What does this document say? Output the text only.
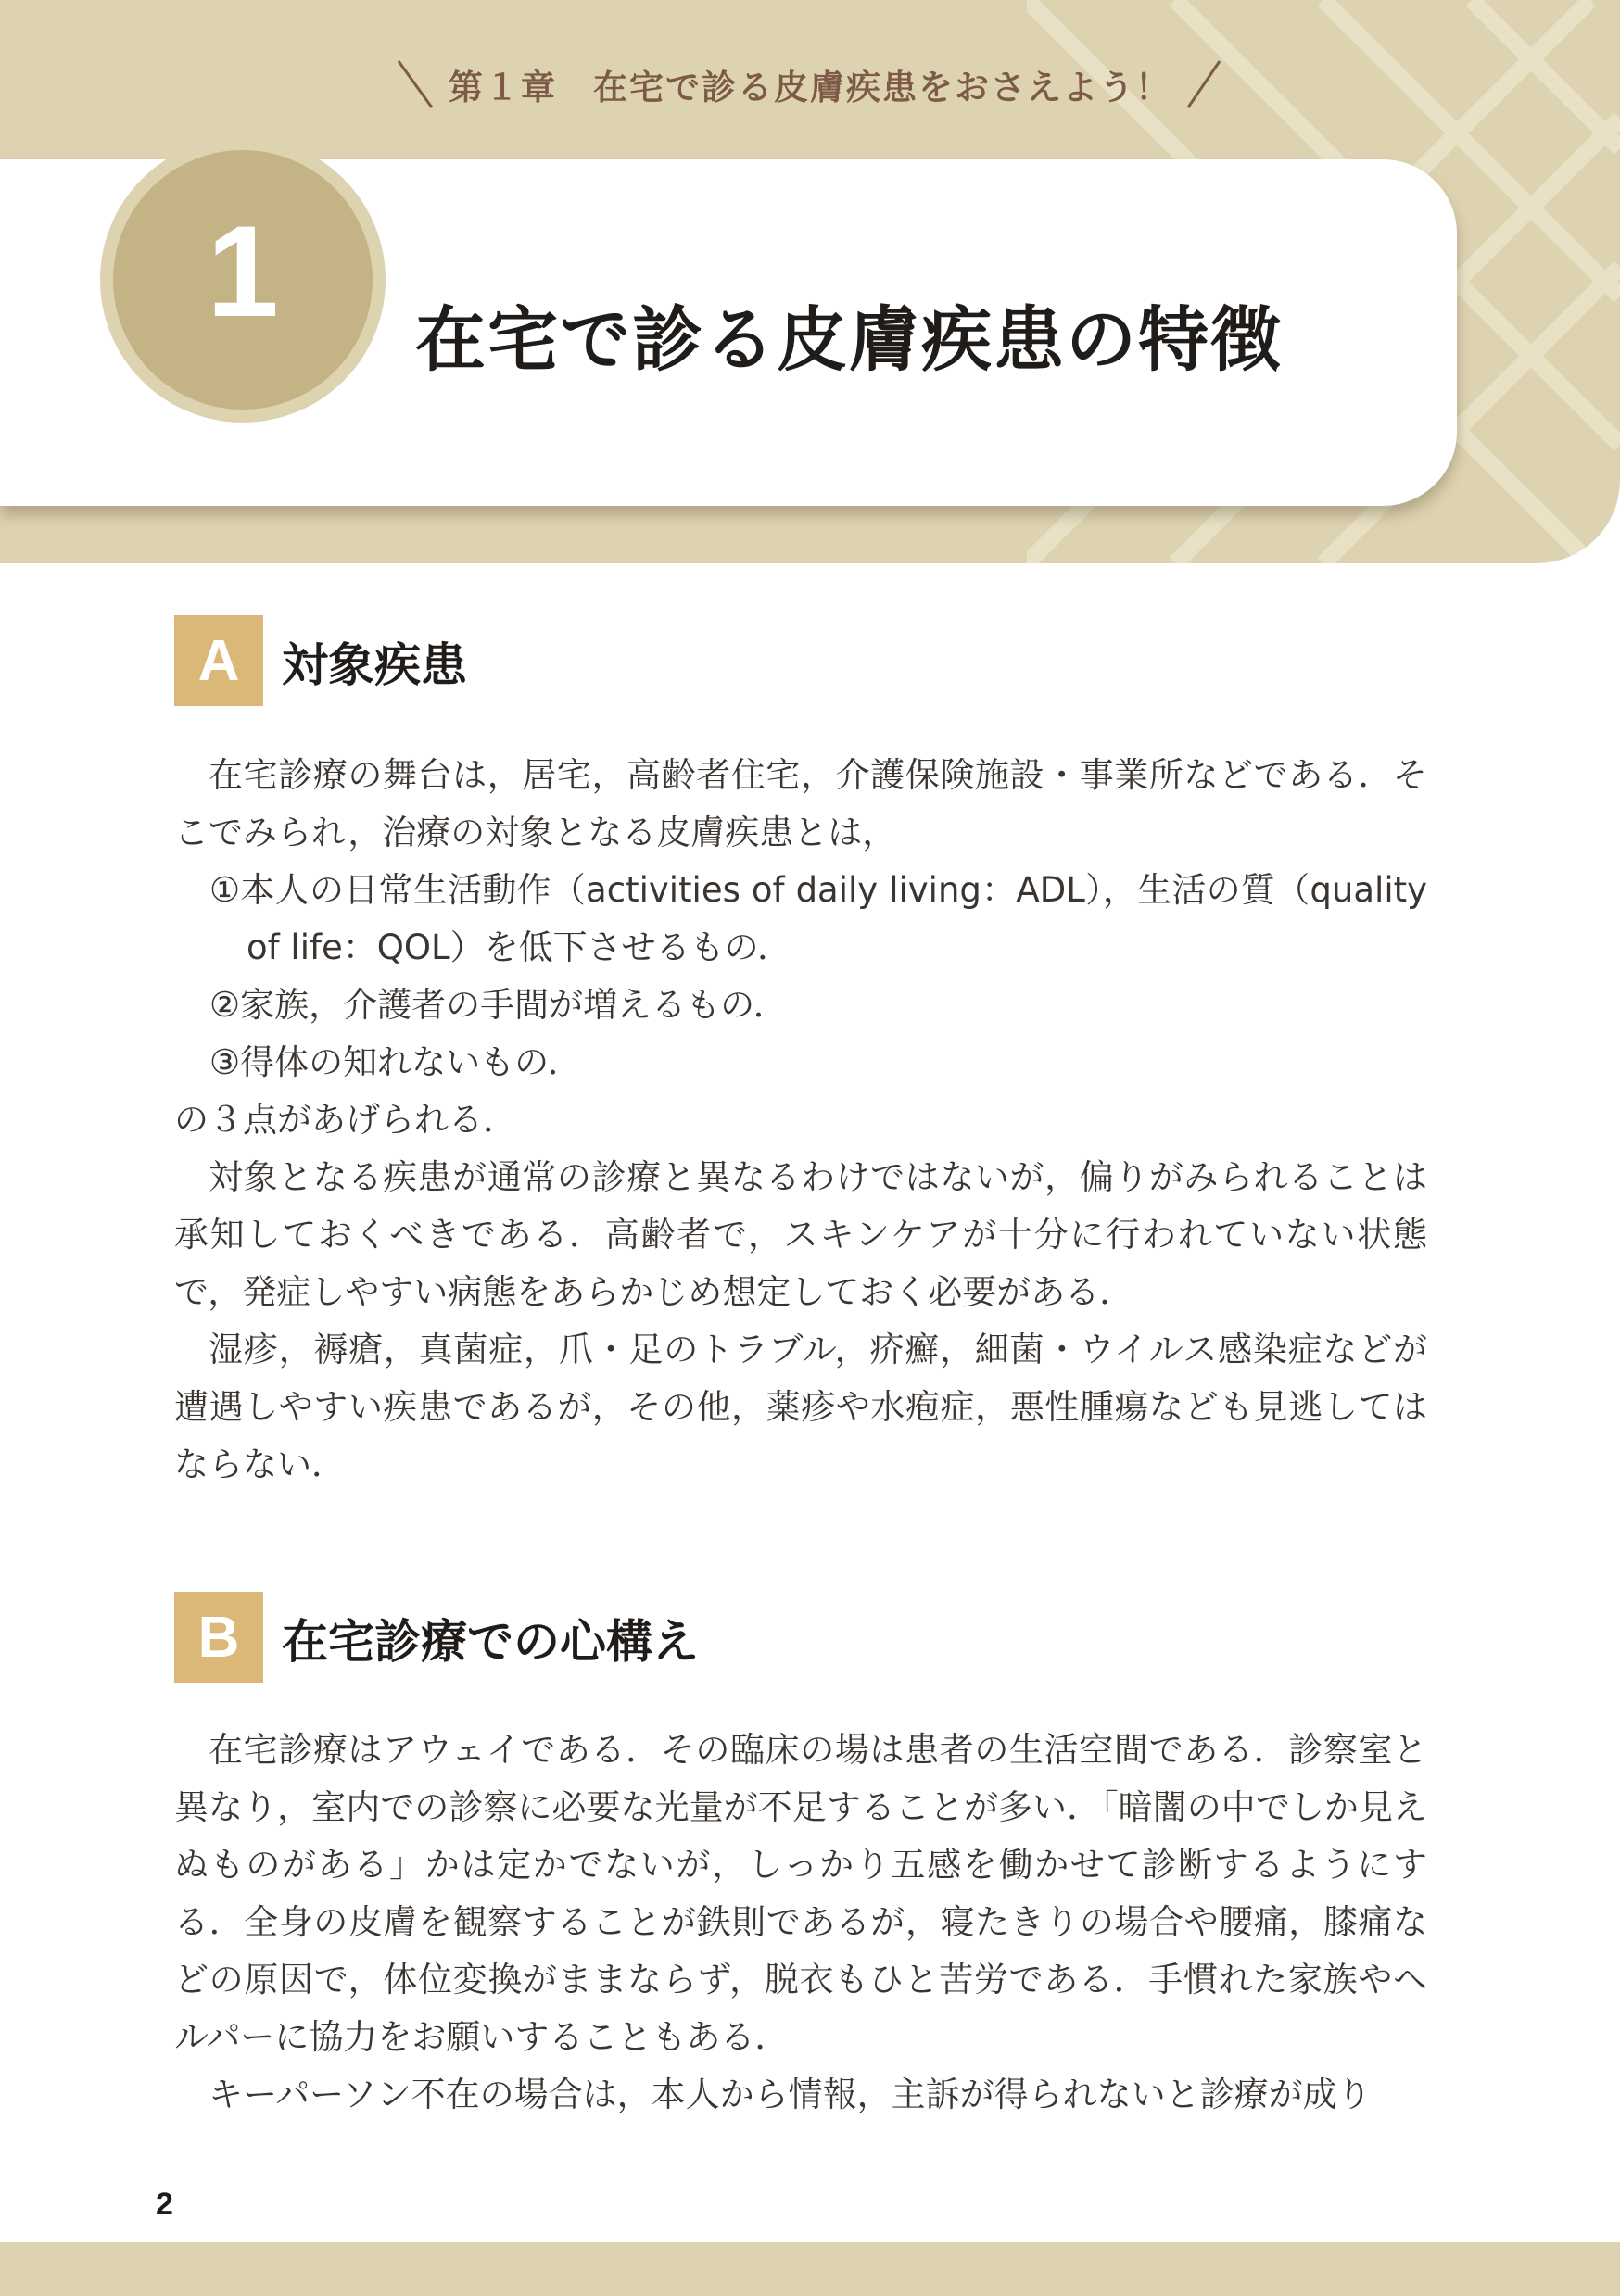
第１章　在宅で診る皮膚疾患をおさえよう！
1	在宅で診る皮膚疾患の特徴
A 対象疾患

在宅診療の舞台は，居宅，高齢者住宅，介護保険施設・事業所などである．そこでみられ，治療の対象となる皮膚疾患とは，

①本人の日常生活動作（activities of daily living：ADL），生活の質（quality of life：QOL）を低下させるもの．

②家族，介護者の手間が増えるもの．

③得体の知れないもの．

の３点があげられる．

対象となる疾患が通常の診療と異なるわけではないが，偏りがみられることは承知しておくべきである．高齢者で，スキンケアが十分に行われていない状態で，発症しやすい病態をあらかじめ想定しておく必要がある．

湿疹，褥瘡，真菌症，爪・足のトラブル，疥癬，細菌・ウイルス感染症などが遭遇しやすい疾患であるが，その他，薬疹や水疱症，悪性腫瘍なども見逃してはならない．

B 在宅診療での心構え

在宅診療はアウェイである．その臨床の場は患者の生活空間である．診察室と異なり，室内での診察に必要な光量が不足することが多い．「暗闇の中でしか見えぬものがある」かは定かでないが，しっかり五感を働かせて診断するようにする．全身の皮膚を観察することが鉄則であるが，寝たきりの場合や腰痛，膝痛などの原因で，体位変換がままならず，脱衣もひと苦労である．手慣れた家族やヘルパーに協力をお願いすることもある．

キーパーソン不在の場合は，本人から情報，主訴が得られないと診療が成り

2
